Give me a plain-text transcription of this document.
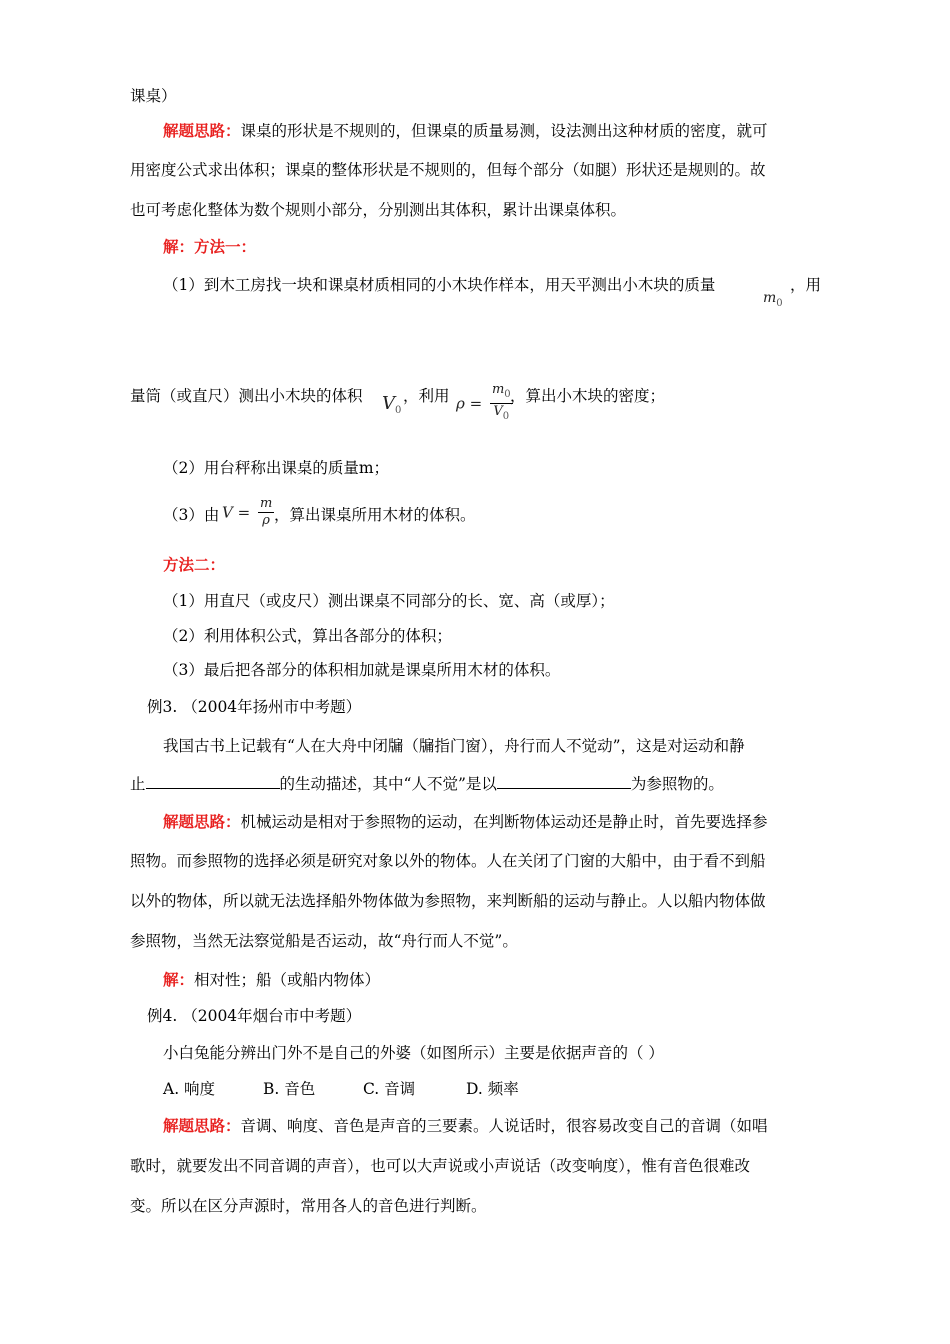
课桌）
解题思路：课桌的形状是不规则的，但课桌的质量易测，设法测出这种材质的密度，就可
用密度公式求出体积；课桌的整体形状是不规则的，但每个部分（如腿）形状还是规则的。故
也可考虑化整体为数个规则小部分，分别测出其体积，累计出课桌体积。
解：方法一：
（1）到木工房找一块和课桌材质相同的小木块作样本，用天平测出小木块的质量
$m_0$
，用
量筒（或直尺）测出小木块的体积	$V_0$
，利用 $\rho = \frac{m_0}{V_0}$
，算出小木块的密度；
（2）用台秤称出课桌的质量m；
（3）由 $V = \frac{m}{\rho}$ ，算出课桌所用木材的体积。
方法二：
（1）用直尺（或皮尺）测出课桌不同部分的长、宽、高（或厚）；
（2）利用体积公式，算出各部分的体积；
（3）最后把各部分的体积相加就是课桌所用木材的体积。
例3. （2004年扬州市中考题）
我国古书上记载有“人在大舟中闭牖（牖指门窗），舟行而人不觉动”，这是对运动和静
止	的生动描述，其中“人不觉”是以	为参照物的。
解题思路：机械运动是相对于参照物的运动，在判断物体运动还是静止时，首先要选择参
照物。而参照物的选择必须是研究对象以外的物体。人在关闭了门窗的大船中，由于看不到船
以外的物体，所以就无法选择船外物体做为参照物，来判断船的运动与静止。人以船内物体做
参照物，当然无法察觉船是否运动，故“舟行而人不觉”。
解：相对性；船（或船内物体）
例4. （2004年烟台市中考题）
小白兔能分辨出门外不是自己的外婆（如图所示）主要是依据声音的（ ）
A. 响度	B. 音色	C. 音调	D. 频率
解题思路：音调、响度、音色是声音的三要素。人说话时，很容易改变自己的音调（如唱
歌时，就要发出不同音调的声音），也可以大声说或小声说话（改变响度），惟有音色很难改
变。所以在区分声源时，常用各人的音色进行判断。
